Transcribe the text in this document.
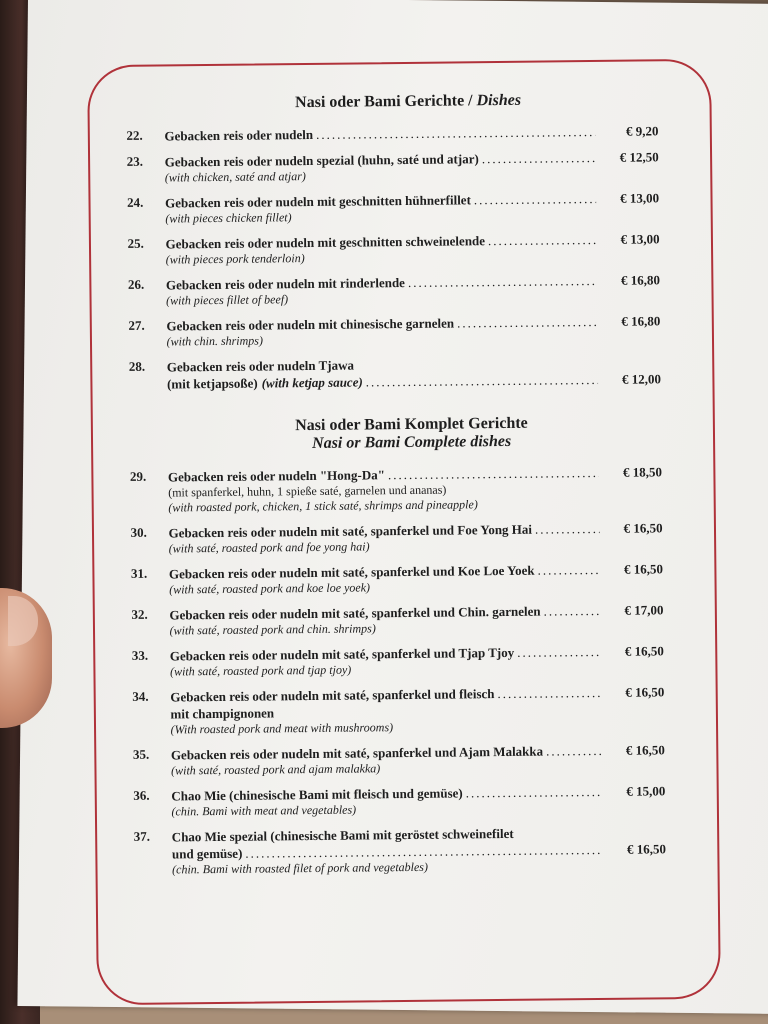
Nasi oder Bami Gerichte / Dishes
22. Gebacken reis oder nudeln .....	€ 9,20
23. Gebacken reis oder nudeln spezial (huhn, saté und atjar) .....	€ 12,50
(with chicken, saté and atjar)
24. Gebacken reis oder nudeln mit geschnitten hühnerfillet .....	€ 13,00
(with pieces chicken fillet)
25. Gebacken reis oder nudeln mit geschnitten schweinelende .....	€ 13,00
(with pieces pork tenderloin)
26. Gebacken reis oder nudeln mit rinderlende .....	€ 16,80
(with pieces fillet of beef)
27. Gebacken reis oder nudeln mit chinesische garnelen .....	€ 16,80
(with chin. shrimps)
28. Gebacken reis oder nudeln Tjawa
(mit ketjapsoße) (with ketjap sauce) .....	€ 12,00
Nasi oder Bami Komplet Gerichte
Nasi or Bami Complete dishes
29. Gebacken reis oder nudeln "Hong-Da" .....	€ 18,50
(mit spanferkel, huhn, 1 spieße saté, garnelen und ananas)
(with roasted pork, chicken, 1 stick saté, shrimps and pineapple)
30. Gebacken reis oder nudeln mit saté, spanferkel und Foe Yong Hai .....	€ 16,50
(with saté, roasted pork and foe yong hai)
31. Gebacken reis oder nudeln mit saté, spanferkel und Koe Loe Yoek .....	€ 16,50
(with saté, roasted pork and koe loe yoek)
32. Gebacken reis oder nudeln mit saté, spanferkel und Chin. garnelen .....	€ 17,00
(with saté, roasted pork and chin. shrimps)
33. Gebacken reis oder nudeln mit saté, spanferkel und Tjap Tjoy .....	€ 16,50
(with saté, roasted pork and tjap tjoy)
34. Gebacken reis oder nudeln mit saté, spanferkel und fleisch .....	€ 16,50
mit champignonen
(With roasted pork and meat with mushrooms)
35. Gebacken reis oder nudeln mit saté, spanferkel und Ajam Malakka .....	€ 16,50
(with saté, roasted pork and ajam malakka)
36. Chao Mie (chinesische Bami mit fleisch und gemüse) .....	€ 15,00
(chin. Bami with meat and vegetables)
37. Chao Mie spezial (chinesische Bami mit geröstet schweinefilet
und gemüse) .....	€ 16,50
(chin. Bami with roasted filet of pork and vegetables)
